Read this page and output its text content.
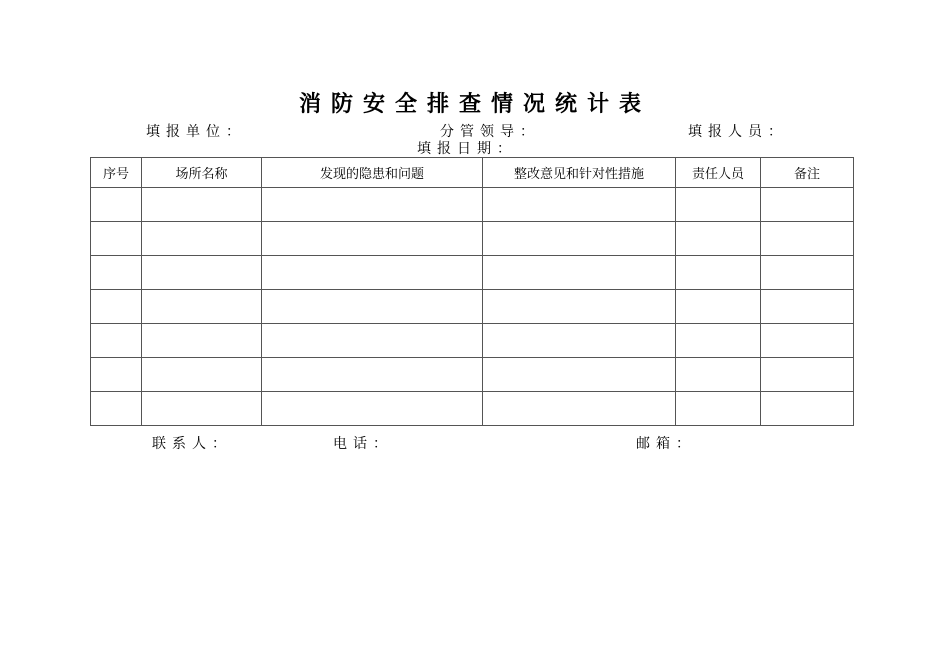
消防安全排查情况统计表
填报单位：	分管领导：	填报人员：
填报日期：
序号	场所名称	发现的隐患和问题	整改意见和针对性措施	责任人员	备注

联系人：	电话：	邮箱：
